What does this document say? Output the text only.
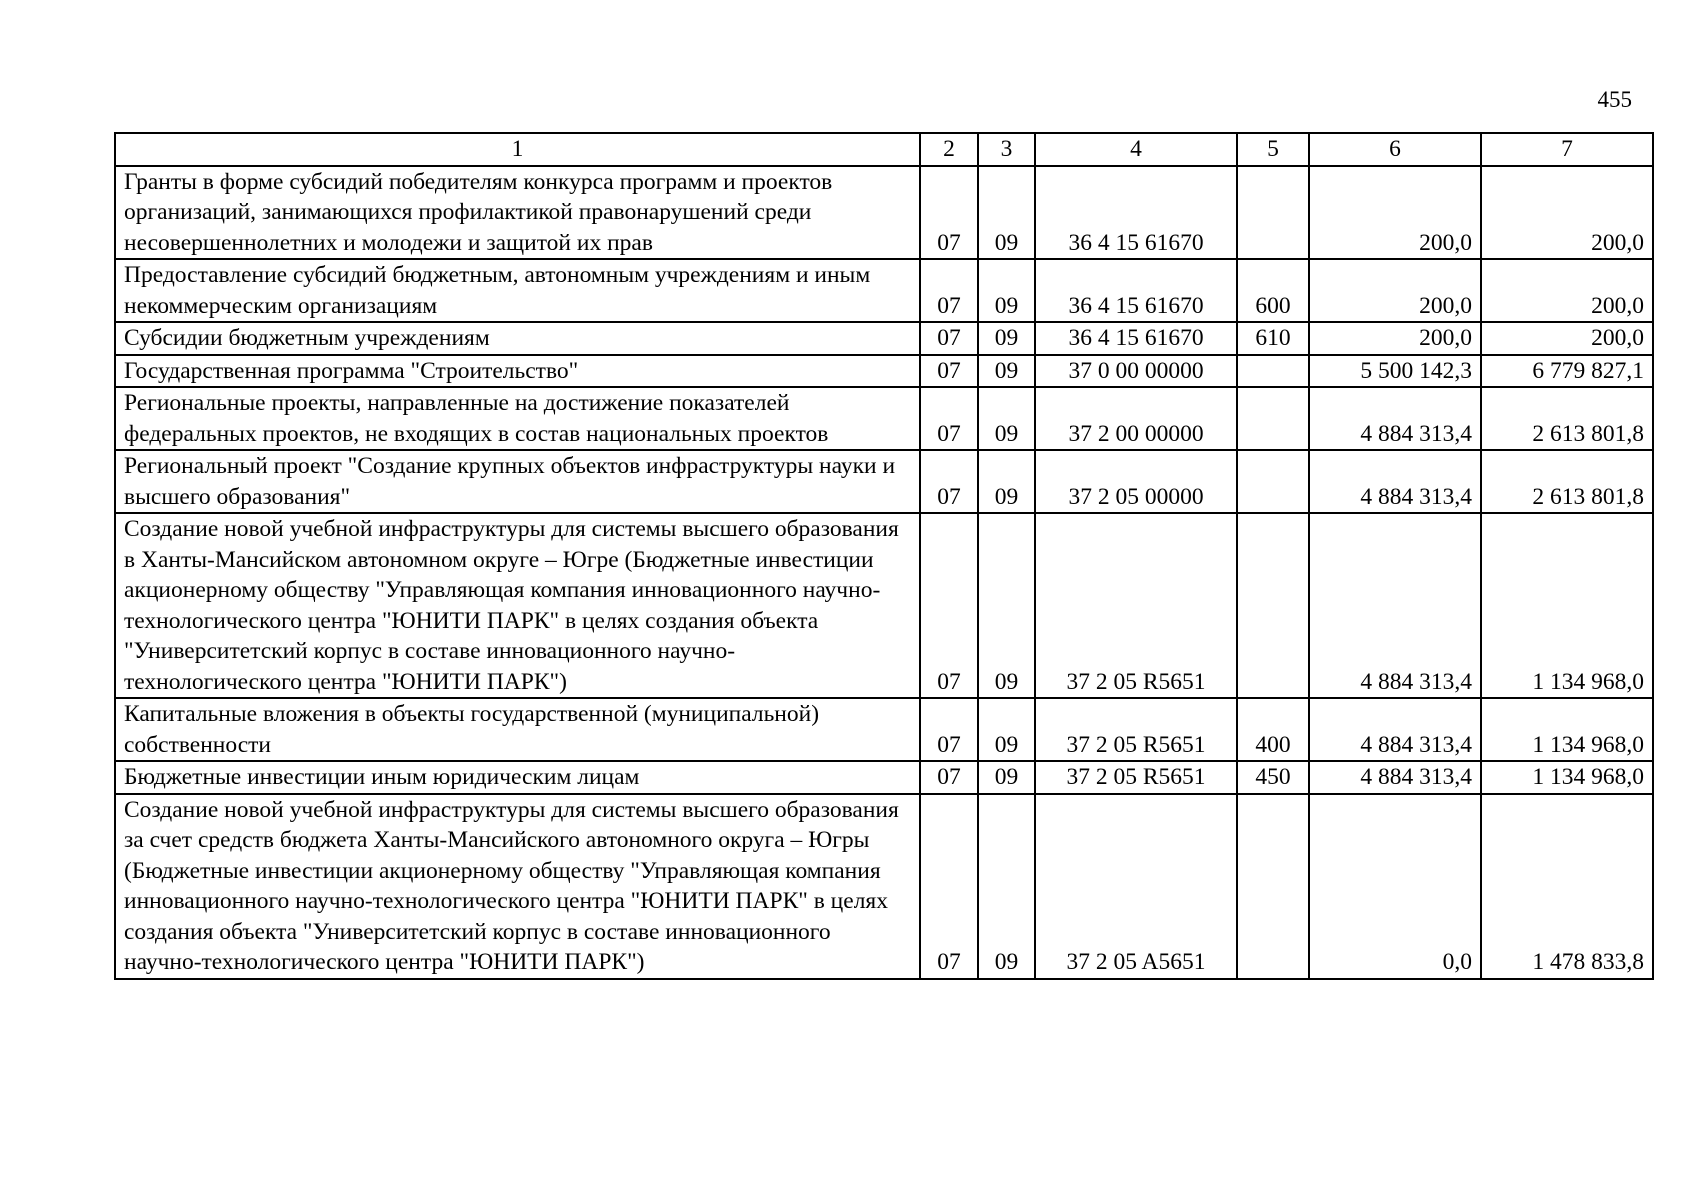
455
1	2	3	4	5	6	7
Гранты в форме субсидий победителям конкурса программ и проектов организаций, занимающихся профилактикой правонарушений среди несовершеннолетних и молодежи и защитой их прав	07	09	36 4 15 61670		200,0	200,0
Предоставление субсидий бюджетным, автономным учреждениям и иным некоммерческим организациям	07	09	36 4 15 61670	600	200,0	200,0
Субсидии бюджетным учреждениям	07	09	36 4 15 61670	610	200,0	200,0
Государственная программа "Строительство"	07	09	37 0 00 00000		5 500 142,3	6 779 827,1
Региональные проекты, направленные на достижение показателей федеральных проектов, не входящих в состав национальных проектов	07	09	37 2 00 00000		4 884 313,4	2 613 801,8
Региональный проект "Создание крупных объектов инфраструктуры науки и высшего образования"	07	09	37 2 05 00000		4 884 313,4	2 613 801,8
Создание новой учебной инфраструктуры для системы высшего образования в Ханты-Мансийском автономном округе – Югре (Бюджетные инвестиции акционерному обществу "Управляющая компания инновационного научно-технологического центра "ЮНИТИ ПАРК" в целях создания объекта "Университетский корпус в составе инновационного научно-технологического центра "ЮНИТИ ПАРК")	07	09	37 2 05 R5651		4 884 313,4	1 134 968,0
Капитальные вложения в объекты государственной (муниципальной) собственности	07	09	37 2 05 R5651	400	4 884 313,4	1 134 968,0
Бюджетные инвестиции иным юридическим лицам	07	09	37 2 05 R5651	450	4 884 313,4	1 134 968,0
Создание новой учебной инфраструктуры для системы высшего образования за счет средств бюджета Ханты-Мансийского автономного округа – Югры (Бюджетные инвестиции акционерному обществу "Управляющая компания инновационного научно-технологического центра "ЮНИТИ ПАРК" в целях создания объекта "Университетский корпус в составе инновационного научно-технологического центра "ЮНИТИ ПАРК")	07	09	37 2 05 A5651		0,0	1 478 833,8
